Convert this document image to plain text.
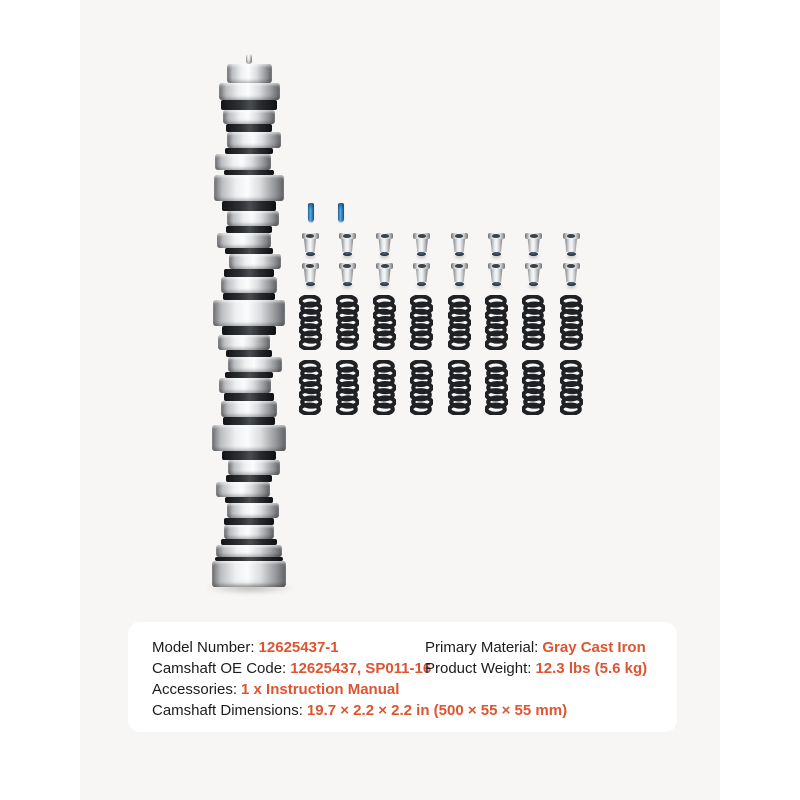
Model Number: 12625437-1
Camshaft OE Code: 12625437, SP011-16
Accessories: 1 x Instruction Manual
Camshaft Dimensions: 19.7 × 2.2 × 2.2 in (500 × 55 × 55 mm)
Primary Material: Gray Cast Iron
Product Weight: 12.3 lbs (5.6 kg)
